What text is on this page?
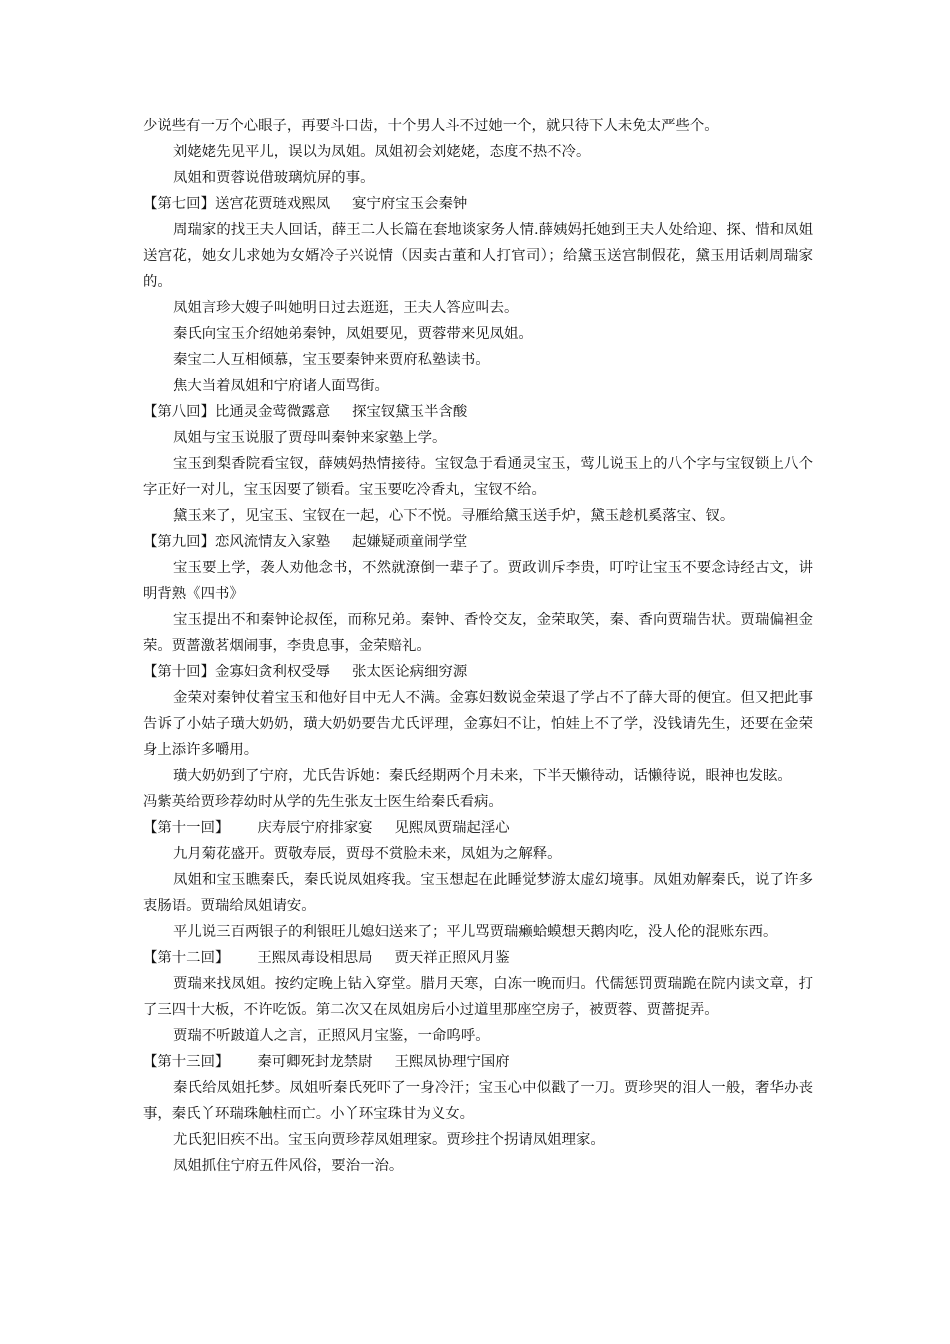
少说些有一万个心眼子，再要斗口齿，十个男人斗不过她一个，就只待下人未免太严些个。

刘姥姥先见平儿，误以为凤姐。凤姐初会刘姥姥，态度不热不冷。

凤姐和贾蓉说借玻璃炕屏的事。

【第七回】送宫花贾琏戏熙凤 宴宁府宝玉会秦钟

周瑞家的找王夫人回话，薛王二人长篇在套地谈家务人情.薛姨妈托她到王夫人处给迎、探、惜和凤姐送宫花，她女儿求她为女婿冷子兴说情（因卖古董和人打官司）；给黛玉送宫制假花，黛玉用话刺周瑞家的。

凤姐言珍大嫂子叫她明日过去逛逛，王夫人答应叫去。

秦氏向宝玉介绍她弟秦钟，凤姐要见，贾蓉带来见凤姐。

秦宝二人互相倾慕，宝玉要秦钟来贾府私塾读书。

焦大当着凤姐和宁府诸人面骂街。

【第八回】比通灵金莺微露意 探宝钗黛玉半含酸

凤姐与宝玉说服了贾母叫秦钟来家塾上学。

宝玉到梨香院看宝钗，薛姨妈热情接待。宝钗急于看通灵宝玉，莺儿说玉上的八个字与宝钗锁上八个字正好一对儿，宝玉因要了锁看。宝玉要吃冷香丸，宝钗不给。

黛玉来了，见宝玉、宝钗在一起，心下不悦。寻雁给黛玉送手炉，黛玉趁机奚落宝、钗。

【第九回】恋风流情友入家塾 起嫌疑顽童闹学堂

宝玉要上学，袭人劝他念书，不然就潦倒一辈子了。贾政训斥李贵，叮咛让宝玉不要念诗经古文，讲明背熟《四书》

宝玉提出不和秦钟论叔侄，而称兄弟。秦钟、香怜交友，金荣取笑，秦、香向贾瑞告状。贾瑞偏袒金荣。贾蔷激茗烟闹事，李贵息事，金荣赔礼。

【第十回】金寡妇贪利权受辱 张太医论病细穷源

金荣对秦钟仗着宝玉和他好目中无人不满。金寡妇数说金荣退了学占不了薛大哥的便宜。但又把此事告诉了小姑子璜大奶奶，璜大奶奶要告尤氏评理，金寡妇不让，怕娃上不了学，没钱请先生，还要在金荣身上添许多嚼用。

璜大奶奶到了宁府，尤氏告诉她：秦氏经期两个月未来，下半天懒待动，话懒待说，眼神也发眩。

冯紫英给贾珍荐幼时从学的先生张友士医生给秦氏看病。

【第十一回】 庆寿辰宁府排家宴 见熙凤贾瑞起淫心

九月菊花盛开。贾敬寿辰，贾母不赏脸未来，凤姐为之解释。

凤姐和宝玉瞧秦氏，秦氏说凤姐疼我。宝玉想起在此睡觉梦游太虚幻境事。凤姐劝解秦氏，说了许多衷肠语。贾瑞给凤姐请安。

平儿说三百两银子的利银旺儿媳妇送来了；平儿骂贾瑞癞蛤蟆想天鹅肉吃，没人伦的混账东西。

【第十二回】 王熙凤毒设相思局 贾天祥正照风月鉴

贾瑞来找凤姐。按约定晚上钻入穿堂。腊月天寒，白冻一晚而归。代儒惩罚贾瑞跪在院内读文章，打了三四十大板，不许吃饭。第二次又在凤姐房后小过道里那座空房子，被贾蓉、贾蔷捉弄。

贾瑞不听跛道人之言，正照风月宝鉴，一命呜呼。

【第十三回】 秦可卿死封龙禁尉 王熙凤协理宁国府

秦氏给凤姐托梦。凤姐听秦氏死吓了一身冷汗；宝玉心中似戳了一刀。贾珍哭的泪人一般，奢华办丧事，秦氏丫环瑞珠触柱而亡。小丫环宝珠甘为义女。

尤氏犯旧疾不出。宝玉向贾珍荐凤姐理家。贾珍拄个拐请凤姐理家。

凤姐抓住宁府五件风俗，要治一治。
